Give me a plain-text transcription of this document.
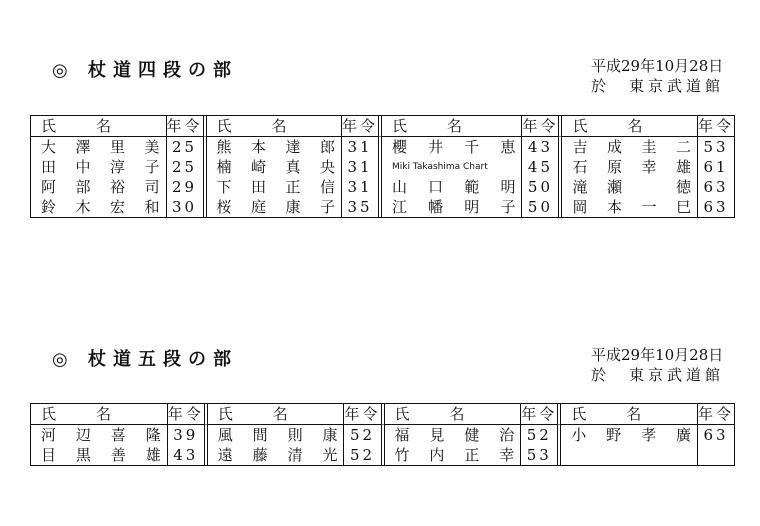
◎ 杖道四段の部	平成29年10月28日
於　東京武道館
氏名	年令	氏名	年令	氏名	年令	氏名	年令
大澤里美	25	熊本達郎	31	櫻井千恵	43	吉成圭二	53
田中淳子	25	楠崎真央	31	Miki Takashima Chart	45	石原幸雄	61
阿部裕司	29	下田正信	31	山口範明	50	滝瀬　徳	63
鈴木宏和	30	桜庭康子	35	江幡明子	50	岡本一巳	63
◎ 杖道五段の部	平成29年10月28日
於　東京武道館
氏名	年令	氏名	年令	氏名	年令	氏名	年令
河辺喜隆	39	風間則康	52	福見健治	52	小野孝廣	63
目黒善雄	43	遠藤清光	52	竹内正幸	53		
